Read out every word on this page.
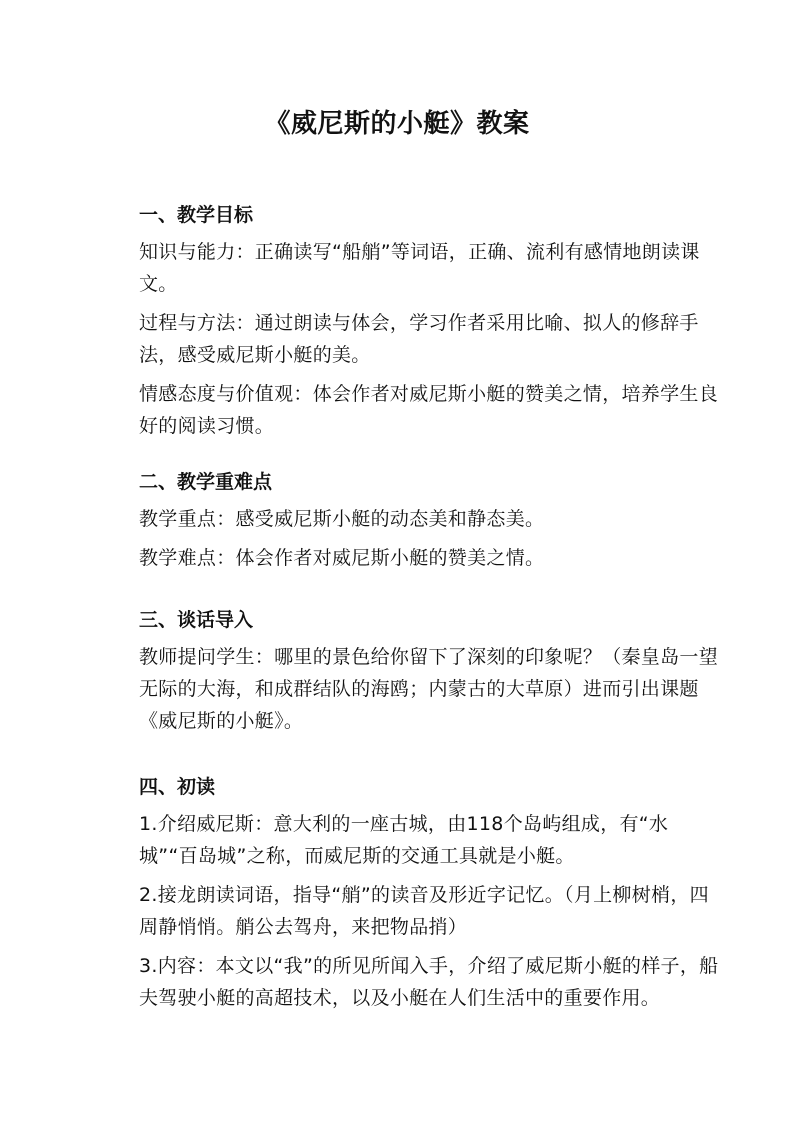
《威尼斯的小艇》教案
一、教学目标
知识与能力：正确读写“船艄”等词语，正确、流利有感情地朗读课文。
过程与方法：通过朗读与体会，学习作者采用比喻、拟人的修辞手法，感受威尼斯小艇的美。
情感态度与价值观：体会作者对威尼斯小艇的赞美之情，培养学生良好的阅读习惯。
二、教学重难点
教学重点：感受威尼斯小艇的动态美和静态美。
教学难点：体会作者对威尼斯小艇的赞美之情。
三、谈话导入
教师提问学生：哪里的景色给你留下了深刻的印象呢？（秦皇岛一望无际的大海，和成群结队的海鸥；内蒙古的大草原）进而引出课题《威尼斯的小艇》。
四、初读
1.介绍威尼斯：意大利的一座古城，由118个岛屿组成，有“水城”“百岛城”之称，而威尼斯的交通工具就是小艇。
2.接龙朗读词语，指导“艄”的读音及形近字记忆。（月上柳树梢，四周静悄悄。艄公去驾舟，来把物品捎）
3.内容：本文以“我”的所见所闻入手，介绍了威尼斯小艇的样子，船夫驾驶小艇的高超技术，以及小艇在人们生活中的重要作用。
